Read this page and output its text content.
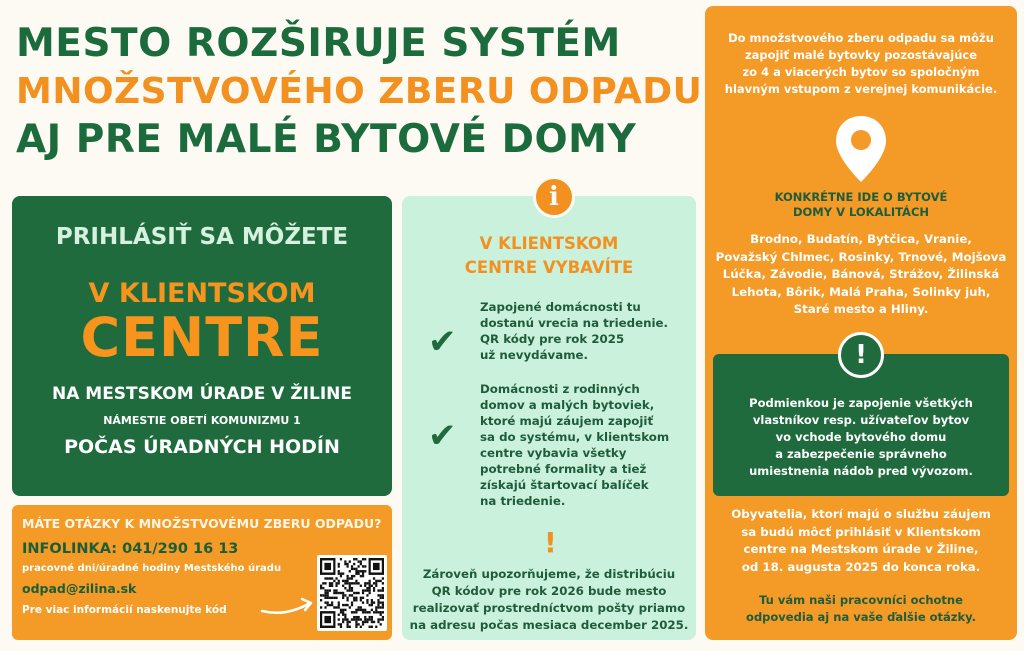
MESTO ROZŠIRUJE SYSTÉM
MNOŽSTVOVÉHO ZBERU ODPADU
AJ PRE MALÉ BYTOVÉ DOMY
PRIHLÁSIŤ SA MÔŽETE
V KLIENTSKOM
CENTRE
NA MESTSKOM ÚRADE V ŽILINE
NÁMESTIE OBETÍ KOMUNIZMU 1
POČAS ÚRADNÝCH HODÍN
MÁTE OTÁZKY K MNOŽSTVOVÉMU ZBERU ODPADU?
INFOLINKA: 041/290 16 13
pracovné dni/úradné hodiny Mestského úradu
odpad@zilina.sk
Pre viac informácií naskenujte kód
V KLIENTSKOM
CENTRE VYBAVÍTE
✔
Zapojené domácnosti tu
dostanú vrecia na triedenie.
QR kódy pre rok 2025
už nevydávame.
✔
Domácnosti z rodinných
domov a malých bytoviek,
ktoré majú záujem zapojiť
sa do systému, v klientskom
centre vybavia všetky
potrebné formality a tiež
získajú štartovací balíček
na triedenie.
!
Zároveň upozorňujeme, že distribúciu
QR kódov pre rok 2026 bude mesto
realizovať prostredníctvom pošty priamo
na adresu počas mesiaca december 2025.
i
Do množstvového zberu odpadu sa môžu
zapojiť malé bytovky pozostávajúce
zo 4 a viacerých bytov so spoločným
hlavným vstupom z verejnej komunikácie.
KONKRÉTNE IDE O BYTOVÉ
DOMY V LOKALITÁCH
Brodno, Budatín, Bytčica, Vranie,
Považský Chlmec, Rosinky, Trnové, Mojšova
Lúčka, Závodie, Bánová, Strážov, Žilinská
Lehota, Bôrik, Malá Praha, Solinky juh,
Staré mesto a Hliny.
Podmienkou je zapojenie všetkých
vlastníkov resp. užívateľov bytov
vo vchode bytového domu
a zabezpečenie správneho
umiestnenia nádob pred vývozom.
!
Obyvatelia, ktorí majú o službu záujem
sa budú môcť prihlásiť v Klientskom
centre na Mestskom úrade v Žiline,
od 18. augusta 2025 do konca roka.
Tu vám naši pracovníci ochotne
odpovedia aj na vaše ďalšie otázky.
